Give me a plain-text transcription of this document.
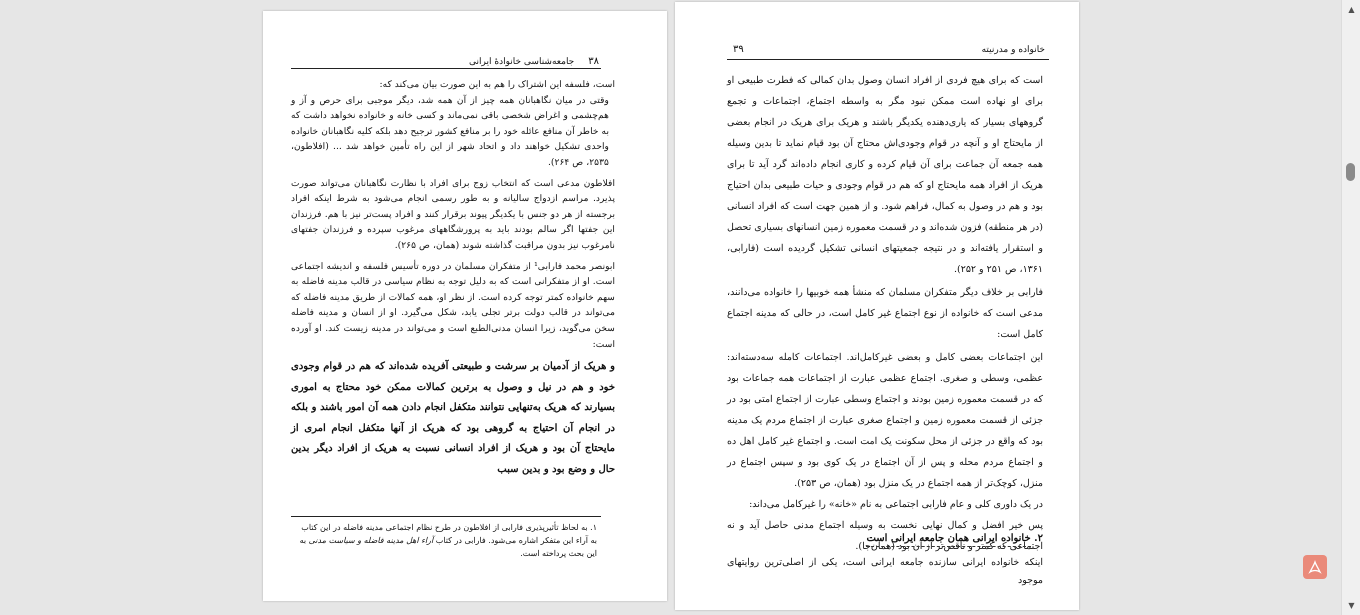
۳۸
جامعه‌شناسی خانوادهٔ ایرانی

است، فلسفه این اشتراک را هم به این صورت بیان می‌کند که:

وقتی در میان نگاهبانان همه چیز از آن همه شد، دیگر موجبی برای حرص و آز و هم‌چشمی و اغراض شخصی باقی نمی‌ماند و کسی خانه و خانواده نخواهد داشت که به خاطر آن منافع عائله خود را بر منافع کشور ترجیح دهد بلکه کلیه نگاهبانان خانواده واحدی تشکیل خواهند داد و اتحاد شهر از این راه تأمین خواهد شد ... (افلاطون، ۲۵۳۵، ص ۲۶۴).

افلاطون مدعی است که انتخاب زوج برای افراد با نظارت نگاهبانان می‌تواند صورت پذیرد. مراسم ازدواج سالیانه و به طور رسمی انجام می‌شود به شرط اینکه افراد برجسته از هر دو جنس با یکدیگر پیوند برقرار کنند و افراد پست‌تر نیز با هم. فرزندان این جفتها اگر سالم بودند باید به پرورشگاههای مرغوب سپرده و فرزندان جفتهای نامرغوب نیز بدون مراقبت گذاشته شوند (همان، ص ۲۶۵).

ابونصر محمد فارابی¹ از متفکران مسلمان در دوره تأسیس فلسفه و اندیشه اجتماعی است. او از متفکرانی است که به دلیل توجه به نظام سیاسی در قالب مدینه فاضله به سهم خانواده کمتر توجه کرده است. از نظر او، همه کمالات از طریق مدینه فاضله که می‌تواند در قالب دولت برتر تجلی یابد، شکل می‌گیرد. او از انسان و مدینه فاضله سخن می‌گوید، زیرا انسان مدنی‌الطبع است و می‌تواند در مدینه زیست کند. او آورده است:

و هریک از آدمیان بر سرشت و طبیعتی آفریده شده‌اند که هم در قوام وجودی خود و هم در نیل و وصول به برترین کمالات ممکن خود محتاج به اموری بسیارند که هریک به‌تنهایی نتوانند متکفل انجام دادن همه آن امور باشند و بلکه در انجام آن احتیاج به گروهی بود که هریک از آنها متکفل انجام امری از مایحتاج آن بود و هریک از افراد انسانی نسبت به هریک از افراد دیگر بدین حال و وضع بود و بدین سبب

۱. به لحاظ تأثیرپذیری فارابی از افلاطون در طرح نظام اجتماعی مدینه فاضله در این کتاب به آراء این متفکر اشاره می‌شود. فارابی در کتاب آراء اهل مدینه فاضله و سیاست مدنی به این بحث پرداخته است.
خانواده و مدرنیته
۳۹

است که برای هیچ فردی از افراد انسان وصول بدان کمالی که فطرت طبیعی او برای او نهاده است ممکن نبود مگر به واسطه اجتماع، اجتماعات و تجمع گروههای بسیار که یاری‌دهنده یکدیگر باشند و هریک برای هریک در انجام بعضی از مایحتاج او و آنچه در قوام وجودی‌اش محتاج آن بود قیام نماید تا بدین وسیله همه جمعه آن جماعت برای آن قیام کرده و کاری انجام داده‌اند گرد آید تا برای هریک از افراد همه مایحتاج او که هم در قوام وجودی و حیات طبیعی بدان احتیاج بود و هم در وصول به کمال، فراهم شود. و از همین جهت است که افراد انسانی (در هر منطقه) فزون شده‌اند و در قسمت معموره زمین انسانهای بسیاری تحصل و استقرار یافته‌اند و در نتیجه جمعیتهای انسانی تشکیل گردیده است (فارابی، ۱۳۶۱، ص ۲۵۱ و ۲۵۲).

فارابی بر خلاف دیگر متفکران مسلمان که منشأ همه خوبیها را خانواده می‌دانند، مدعی است که خانواده از نوع اجتماع غیر کامل است، در حالی که مدینه اجتماع کامل است:

این اجتماعات بعضی کامل و بعضی غیرکامل‌اند. اجتماعات کامله سه‌دسته‌اند: عظمی، وسطی و صغری. اجتماع عظمی عبارت از اجتماعات همه جماعات بود که در قسمت معموره زمین بودند و اجتماع وسطی عبارت از اجتماع امتی بود در جزئی از قسمت معموره زمین و اجتماع صغری عبارت از اجتماع مردم یک مدینه بود که واقع در جزئی از محل سکونت یک امت است. و اجتماع غیر کامل اهل ده و اجتماع مردم محله و پس از آن اجتماع در یک کوی بود و سپس اجتماع در منزل، کوچک‌تر از همه اجتماع در یک منزل بود (همان، ص ۲۵۳).

در یک داوری کلی و عام فارابی اجتماعی به نام «خانه» را غیرکامل می‌داند:

پس خیر افضل و کمال نهایی نخست به وسیله اجتماع مدنی حاصل آید و نه اجتماعی که کمتر و ناقص‌تر از آن بود (همان‌جا).

۲. خانواده ایرانی همان جامعه ایرانی است

اینکه خانواده ایرانی سازنده جامعه ایرانی است، یکی از اصلی‌ترین روایتهای موجود

▲
▼
